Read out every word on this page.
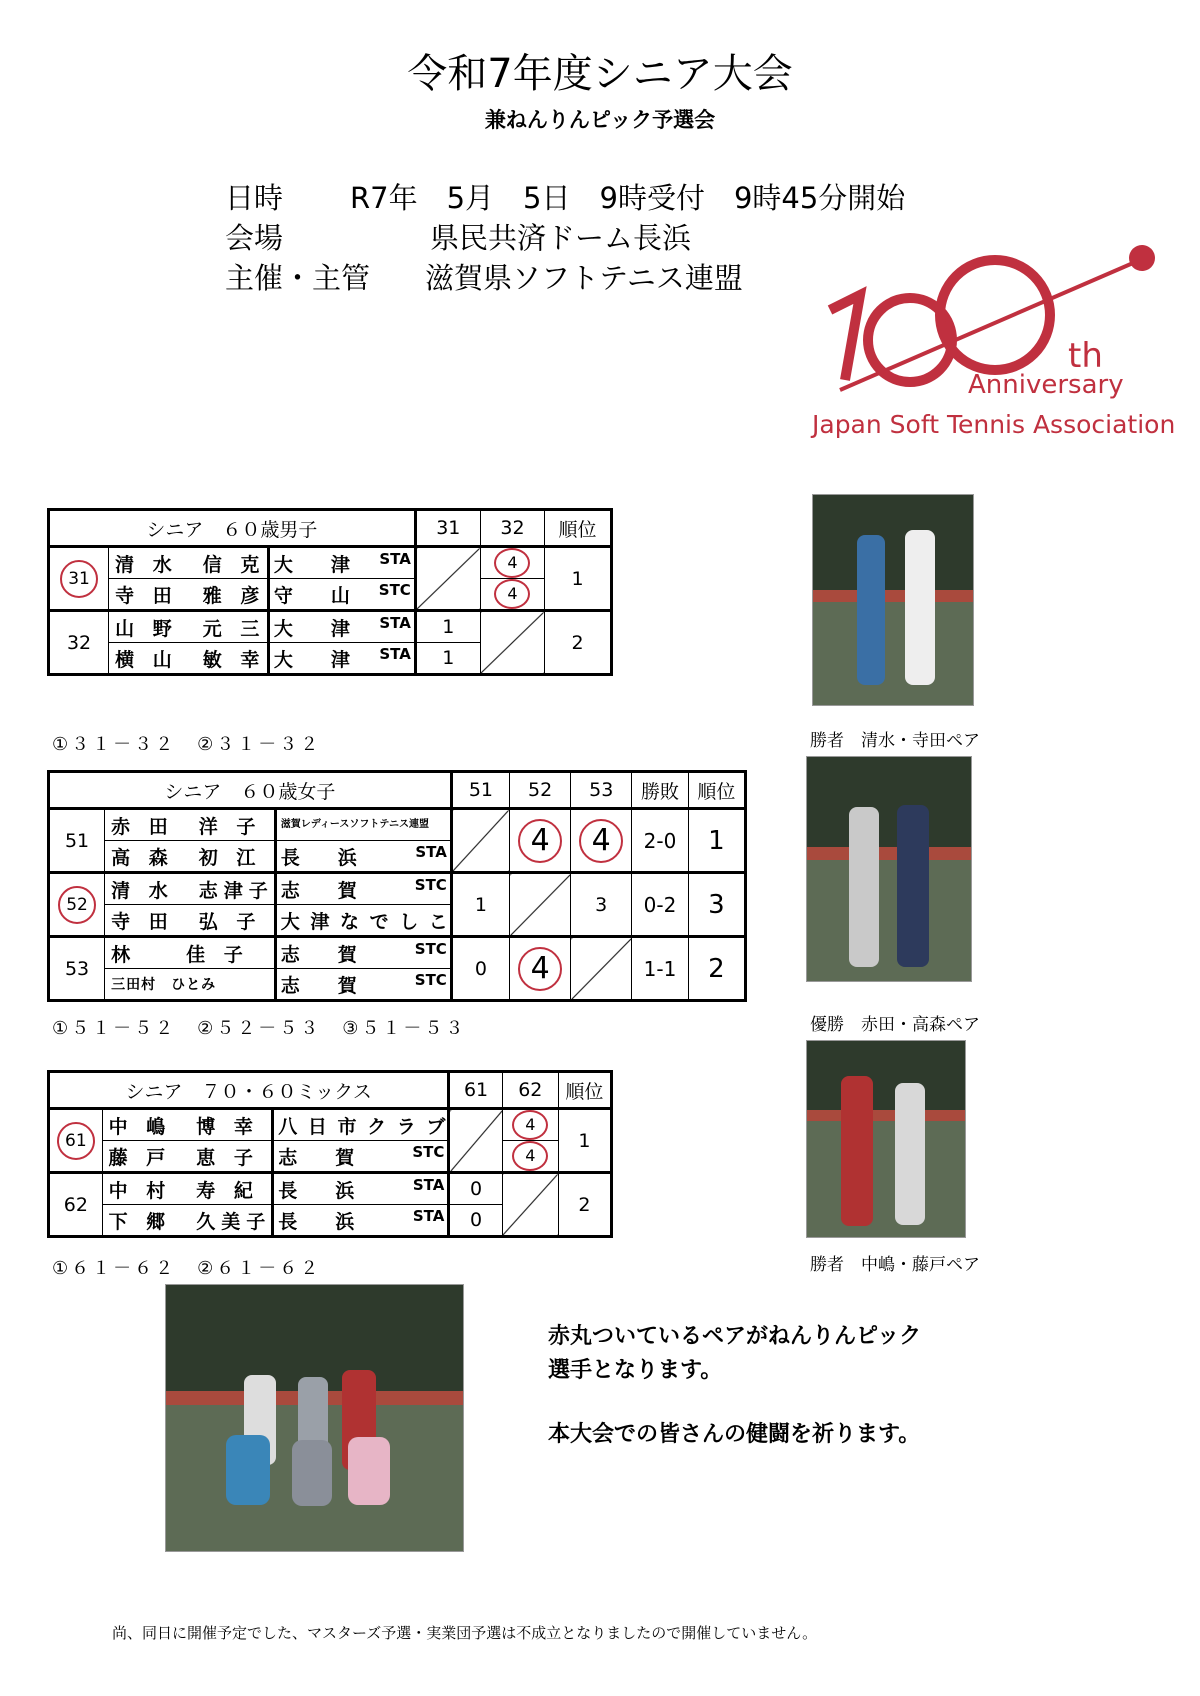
令和7年度シニア大会
兼ねんりんピック予選会
日時 R7年　5月　5日　9時受付　9時45分開始
会場	県民共済ドーム長浜
主催・主管 滋賀県ソフトテニス連盟
th
Anniversary
Japan Soft Tennis Association
シニア　６０歳男子			31	32	順位
31	清 水　信 克	大　　津 STA		4	1
	寺 田　雅 彦	守　　山 STC		4	
32	山 野　元 三	大　　津 STA	1		2
	横 山　敏 幸	大　　津 STA	1		
①３１－３２　②３１－３２
シニア　６０歳女子			51	52	53	勝敗	順位
51	赤 田　洋 子	滋賀レディースソフトテニス連盟		4	4	2-0	1
	高 森　初 江	長　　浜 STA					

52	清 水　志津子	志　　賀 STC	1		3	0-2	3
	寺 田　弘 子	大 津 な で し こ					
53	林　　佳 子	志　　賀 STC	0	4		1-1	2
	三田村　ひとみ	志　　賀 STC					
①５１－５２　②５２－５３　③５１－５３
シニア　７０・６０ミックス			61	62	順位
61	中 嶋　博 幸	八 日 市 ク ラ ブ		4	1
	藤 戸　恵 子	志　　賀 STC		4	
62	中 村　寿 紀	長　　浜 STA	0		2
	下 郷　久美子	長　　浜 STA	0		
①６１－６２　②６１－６２
勝者　清水・寺田ペア
優勝　赤田・高森ペア
勝者　中嶋・藤戸ペア
赤丸ついているペアがねんりんピック
選手となります。
本大会での皆さんの健闘を祈ります。
尚、同日に開催予定でした、マスターズ予選・実業団予選は不成立となりましたので開催していません。
